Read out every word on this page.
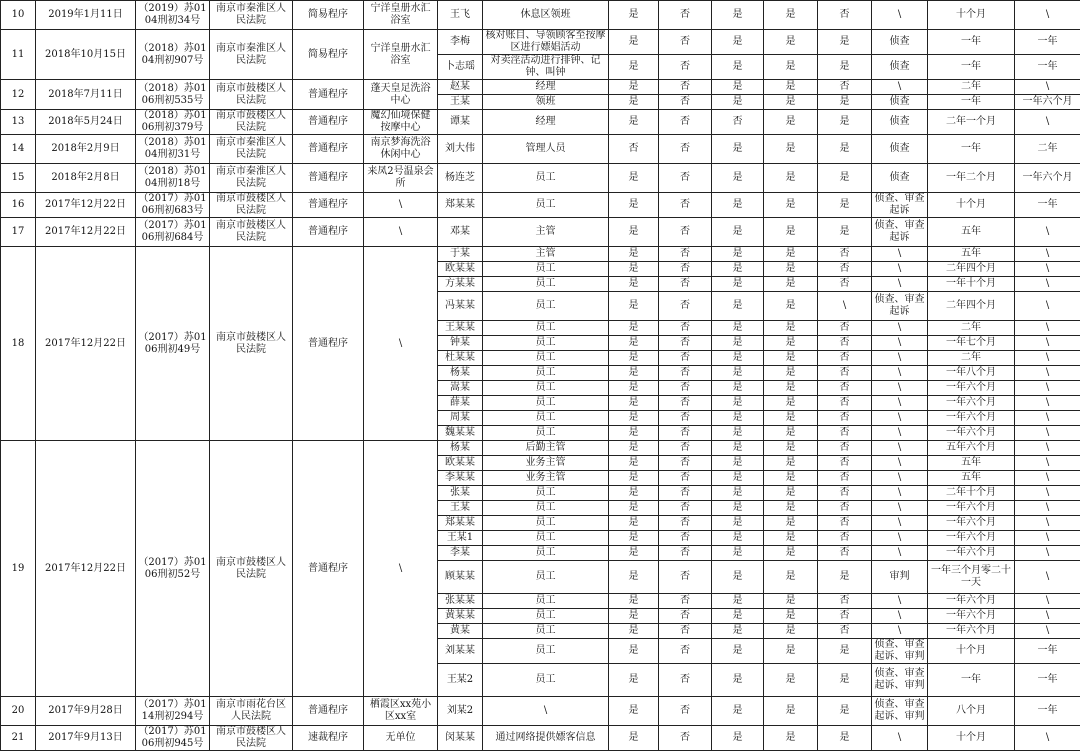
10	2019年1月11日	（2019）苏0104刑初34号	南京市秦淮区人民法院	简易程序	宁洋皇册水汇浴室	王飞	休息区领班	是	否	是	是	否	\	十个月	\
11	2018年10月15日	（2018）苏0104刑初907号	南京市秦淮区人民法院	简易程序	宁洋皇册水汇浴室	李梅	核对账目、导领顾客至按摩区进行嫖娼活动	是	否	是	是	是	侦查	一年	一年
						卜志瑶	对卖淫活动进行排钟、记钟、叫钟	是	否	是	是	是	侦查	一年	一年
12	2018年7月11日	（2018）苏0106刑初535号	南京市鼓楼区人民法院	普通程序	蓬天皇足洗浴中心	赵某	经理	是	否	是	是	否	\	二年	\
						王某	领班	是	否	是	是	是	侦查	一年	一年六个月
13	2018年5月24日	（2018）苏0106刑初379号	南京市鼓楼区人民法院	普通程序	魔幻仙境保健按摩中心	谭某	经理	是	否	否	是	是	侦查	二年一个月	\
14	2018年2月9日	（2018）苏0104刑初31号	南京市秦淮区人民法院	普通程序	南京梦海洗浴休闲中心	刘大伟	管理人员	否	否	是	是	是	侦查	一年	二年
15	2018年2月8日	（2018）苏0104刑初18号	南京市秦淮区人民法院	普通程序	来凤2号温泉会所	杨连芝	员工	是	否	是	是	是	侦查	一年二个月	一年六个月
16	2017年12月22日	（2017）苏0106刑初683号	南京市鼓楼区人民法院	普通程序	\	郑某某	员工	是	否	是	是	是	侦查、审查起诉	十个月	一年
17	2017年12月22日	（2017）苏0106刑初684号	南京市鼓楼区人民法院	普通程序	\	邓某	主管	是	否	是	是	是	侦查、审查起诉	五年	\
18	2017年12月22日	（2017）苏0106刑初49号	南京市鼓楼区人民法院	普通程序	\	于某	主管	是	否	是	是	否	\	五年	\
						欧某某	员工	是	否	是	是	否	\	二年四个月	\
						方某某	员工	是	否	是	是	否	\	一年十个月	\
						冯某某	员工	是	否	是	是	\	侦查、审查起诉	二年四个月	\
						王某某	员工	是	否	是	是	否	\	二年	\
						钟某	员工	是	否	是	是	否	\	一年七个月	\
						杜某某	员工	是	否	是	是	否	\	二年	\
						杨某	员工	是	否	是	是	否	\	一年八个月	\
						嵩某	员工	是	否	是	是	否	\	一年六个月	\
						薛某	员工	是	否	是	是	否	\	一年六个月	\
						周某	员工	是	否	是	是	否	\	一年六个月	\
						魏某某	员工	是	否	是	是	否	\	一年六个月	\
19	2017年12月22日	（2017）苏0106刑初52号	南京市鼓楼区人民法院	普通程序	\	杨某	后勤主管	是	否	是	是	否	\	五年六个月	\
						欧某某	业务主管	是	否	是	是	否	\	五年	\
						李某某	业务主管	是	否	是	是	否	\	五年	\
						张某	员工	是	否	是	是	否	\	二年十个月	\
						王某	员工	是	否	是	是	否	\	一年六个月	\
						郑某某	员工	是	否	是	是	否	\	一年六个月	\
						王某1	员工	是	否	是	是	否	\	一年六个月	\
						李某	员工	是	否	是	是	否	\	一年六个月	\
						顾某某	员工	是	否	是	是	是	审判	一年三个月零二十一天	\
						张某某	员工	是	否	是	是	否	\	一年六个月	\
						黄某某	员工	是	否	是	是	否	\	一年六个月	\
						黄某	员工	是	否	是	是	否	\	一年六个月	\
						刘某某	员工	是	否	是	是	是	侦查、审查起诉、审判	十个月	一年
						王某2	员工	是	否	是	是	是	侦查、审查起诉、审判	一年	一年
20	2017年9月28日	（2017）苏0114刑初294号	南京市雨花台区人民法院	普通程序	栖霞区xx苑小区xx室	刘某2	\	是	否	是	是	是	侦查、审查起诉、审判	八个月	一年
21	2017年9月13日	（2017）苏0106刑初945号	南京市鼓楼区人民法院	速裁程序	无单位	闵某某	通过网络提供嫖客信息	是	否	是	是	是	\	十个月	\
